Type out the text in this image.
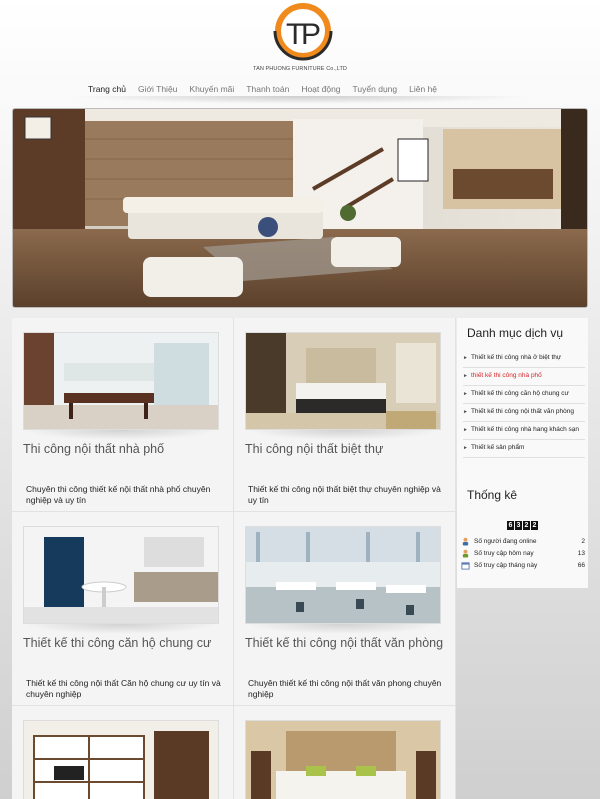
T
P
TAN PHUONG FURNITURE Co.,LTD
Trang chủ Giới Thiệu Khuyến mãi Thanh toán Hoạt động Tuyển dụng Liên hệ
Thi công nội thất nhà phố
Chuyên thi công thiết kế nội thất nhà phố chuyên nghiệp và uy tín
Thi công nội thất biệt thự
Thiết kế thi công nội thất biệt thự chuyên nghiệp và uy tín
Thiết kế thi công căn hộ chung cư
Thiết kế thi công nội thất Căn hộ chung cư uy tín và chuyên nghiệp
Thiết kế thi công nội thất văn phòng
Chuyên thiết kế thi công nội thất văn phong chuyên nghiệp
Danh mục dịch vụ
► Thiết kế thi công nhà ở biệt thự
► thiết kế thi công nhà phố
► Thiết kế thi công căn hộ chung cư
► Thiết kế thi công nội thất văn phòng
► Thiết kế thi công nhà hang khách sạn
► Thiết kế sản phẩm
Thống kê
6 3 2 2
Số người đang online	2
Số truy cập hôm nay	13
Số truy cập tháng này	66
